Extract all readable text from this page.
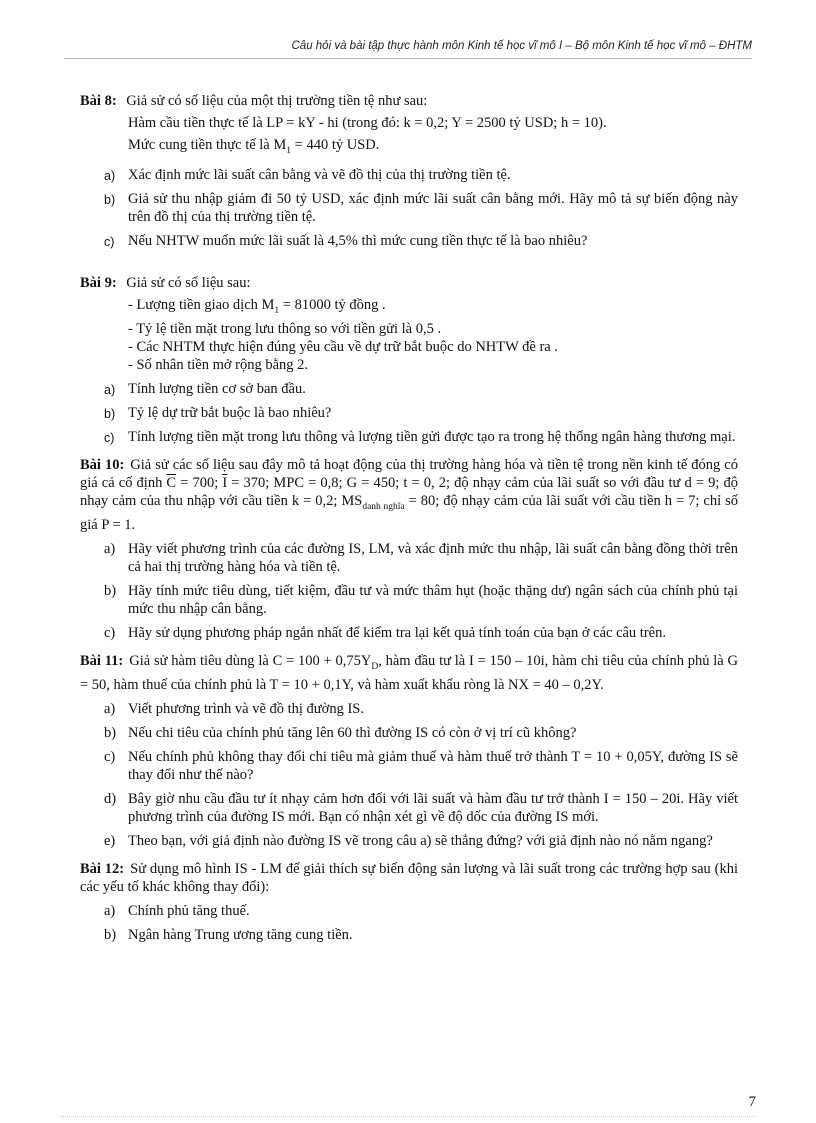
Câu hỏi và bài tập thực hành môn Kinh tế học vĩ mô I – Bộ môn Kinh tế học vĩ mô – ĐHTM
Bài 8: Giả sử có số liệu của một thị trường tiền tệ như sau:
Hàm cầu tiền thực tế là LP = kY - hi (trong đó: k = 0,2; Y = 2500 tỷ USD; h = 10).
Mức cung tiền thực tế là $M_1 = 440$ tỷ USD.
a) Xác định mức lãi suất cân bằng và vẽ đồ thị của thị trường tiền tệ.
b) Giả sử thu nhập giảm đi 50 tỷ USD, xác định mức lãi suất cân bằng mới. Hãy mô tả sự biến động này trên đồ thị của thị trường tiền tệ.
c) Nếu NHTW muốn mức lãi suất là 4,5% thì mức cung tiền thực tế là bao nhiêu?
Bài 9: Giả sử có số liệu sau:
- Lượng tiền giao dịch $M_1 = 81000$ tỷ đồng .
- Tỷ lệ tiền mặt trong lưu thông so với tiền gửi là 0,5 .
- Các NHTM thực hiện đúng yêu cầu về dự trữ bắt buộc do NHTW đề ra .
- Số nhân tiền mở rộng bằng 2.
a) Tính lượng tiền cơ sở ban đầu.
b) Tỷ lệ dự trữ bắt buộc là bao nhiêu?
c) Tính lượng tiền mặt trong lưu thông và lượng tiền gửi được tạo ra trong hệ thống ngân hàng thương mại.
Bài 10: Giả sử các số liệu sau đây mô tả hoạt động của thị trường hàng hóa và tiền tệ trong nền kinh tế đóng có giá cả cố định $\overline{C} = 700$; $\overline{I} = 370$; MPC = 0,8; G = 450; t = 0, 2; độ nhạy cảm của lãi suất so với đầu tư d = 9; độ nhạy cảm của thu nhập với cầu tiền k = 0,2; $MS_{danh nghĩa} = 80$; độ nhạy cảm của lãi suất với cầu tiền h = 7; chỉ số giá P = 1.
a) Hãy viết phương trình của các đường IS, LM, và xác định mức thu nhập, lãi suất cân bằng đồng thời trên cả hai thị trường hàng hóa và tiền tệ.
b) Hãy tính mức tiêu dùng, tiết kiệm, đầu tư và mức thâm hụt (hoặc thặng dư) ngân sách của chính phủ tại mức thu nhập cân bằng.
c) Hãy sử dụng phương pháp ngắn nhất để kiểm tra lại kết quả tính toán của bạn ở các câu trên.
Bài 11: Giả sử hàm tiêu dùng là $C = 100 + 0,75Y_D$, hàm đầu tư là I = 150 – 10i, hàm chi tiêu của chính phủ là G = 50, hàm thuế của chính phủ là T = 10 + 0,1Y, và hàm xuất khẩu ròng là NX = 40 – 0,2Y.
a) Viết phương trình và vẽ đồ thị đường IS.
b) Nếu chi tiêu của chính phủ tăng lên 60 thì đường IS có còn ở vị trí cũ không?
c) Nếu chính phủ không thay đổi chi tiêu mà giảm thuế và hàm thuế trở thành T = 10 + 0,05Y, đường IS sẽ thay đổi như thế nào?
d) Bây giờ nhu cầu đầu tư ít nhạy cảm hơn đối với lãi suất và hàm đầu tư trở thành I = 150 – 20i. Hãy viết phương trình của đường IS mới. Bạn có nhận xét gì về độ dốc của đường IS mới.
e) Theo bạn, với giả định nào đường IS vẽ trong câu a) sẽ thẳng đứng? với giả định nào nó nằm ngang?
Bài 12: Sử dụng mô hình IS - LM để giải thích sự biến động sản lượng và lãi suất trong các trường hợp sau (khi các yếu tố khác không thay đổi):
a) Chính phủ tăng thuế.
b) Ngân hàng Trung ương tăng cung tiền.
7
